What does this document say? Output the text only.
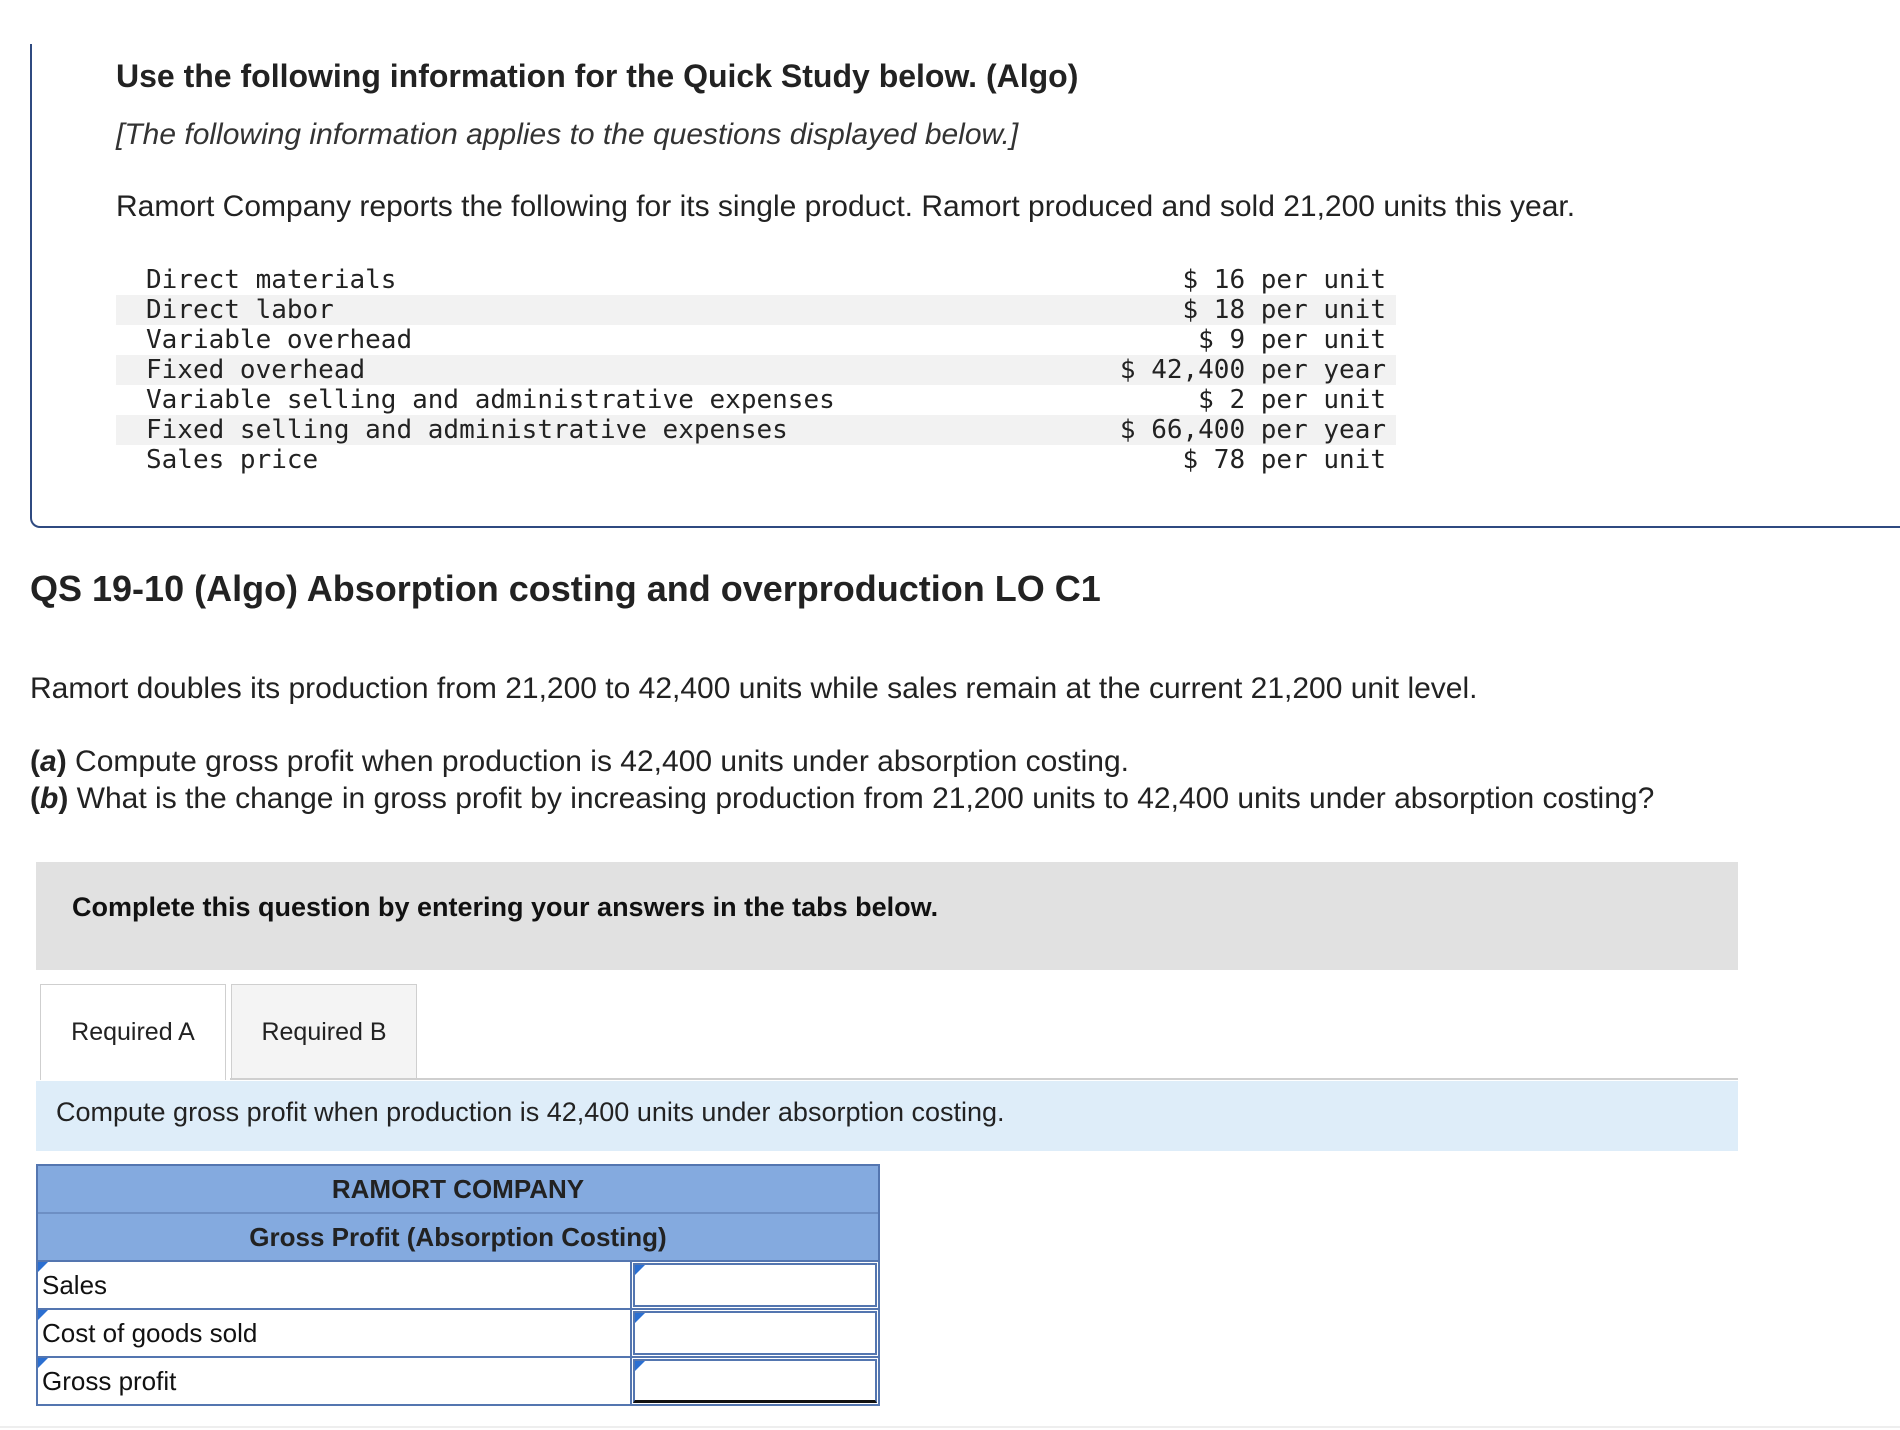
Use the following information for the Quick Study below. (Algo)

[The following information applies to the questions displayed below.]

Ramort Company reports the following for its single product. Ramort produced and sold 21,200 units this year.

Direct materials	$ 16 per unit
Direct labor	$ 18 per unit
Variable overhead	$ 9 per unit
Fixed overhead	$ 42,400 per year
Variable selling and administrative expenses	$ 2 per unit
Fixed selling and administrative expenses	$ 66,400 per year
Sales price	$ 78 per unit
QS 19-10 (Algo) Absorption costing and overproduction LO C1

Ramort doubles its production from 21,200 to 42,400 units while sales remain at the current 21,200 unit level.

(a) Compute gross profit when production is 42,400 units under absorption costing.

(b) What is the change in gross profit by increasing production from 21,200 units to 42,400 units under absorption costing?

Complete this question by entering your answers in the tabs below.

Required A	Required B

Compute gross profit when production is 42,400 units under absorption costing.

RAMORT COMPANY
Gross Profit (Absorption Costing)
Sales
Cost of goods sold
Gross profit
